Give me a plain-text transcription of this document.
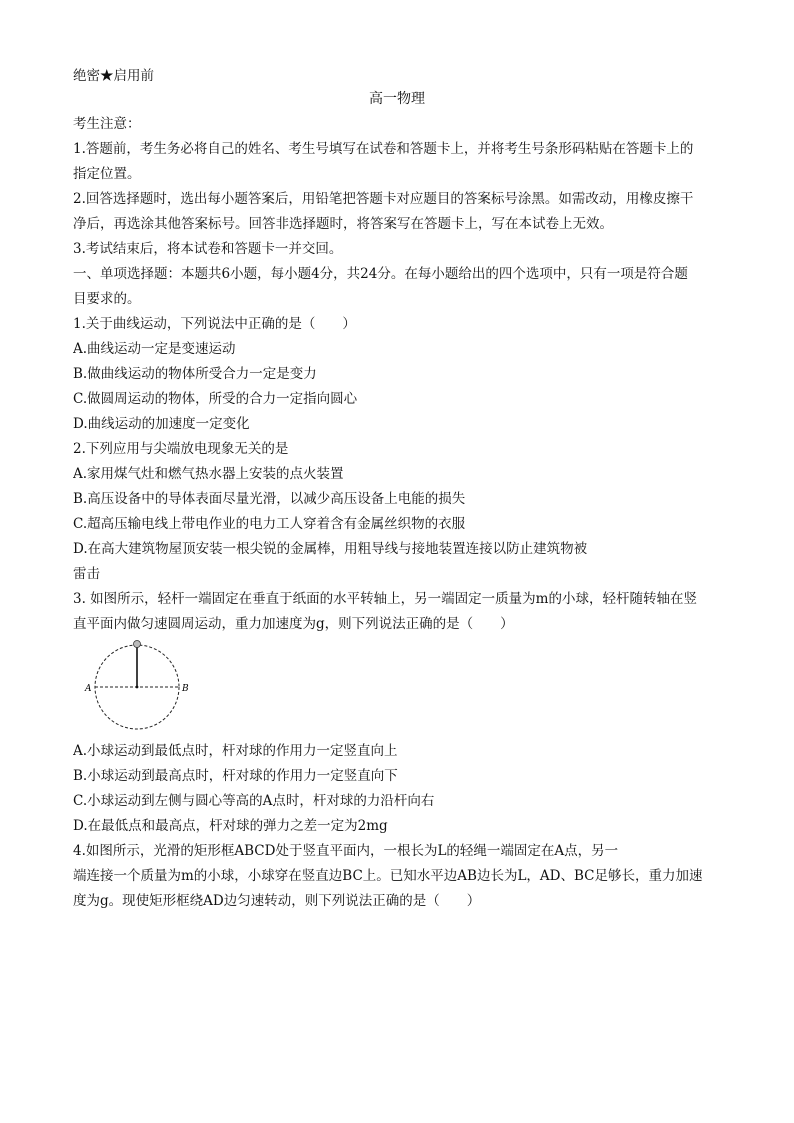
绝密★启用前
高一物理
考生注意：
1.答题前，考生务必将自己的姓名、考生号填写在试卷和答题卡上，并将考生号条形码粘贴在答题卡上的
指定位置。
2.回答选择题时，选出每小题答案后，用铅笔把答题卡对应题目的答案标号涂黑。如需改动，用橡皮擦干
净后，再选涂其他答案标号。回答非选择题时，将答案写在答题卡上，写在本试卷上无效。
3.考试结束后，将本试卷和答题卡一并交回。
一、单项选择题：本题共6小题，每小题4分，共24分。在每小题给出的四个选项中，只有一项是符合题
目要求的。
1.关于曲线运动，下列说法中正确的是（　　）
A.曲线运动一定是变速运动
B.做曲线运动的物体所受合力一定是变力
C.做圆周运动的物体，所受的合力一定指向圆心
D.曲线运动的加速度一定变化
2.下列应用与尖端放电现象无关的是
A.家用煤气灶和燃气热水器上安装的点火装置
B.高压设备中的导体表面尽量光滑，以减少高压设备上电能的损失
C.超高压输电线上带电作业的电力工人穿着含有金属丝织物的衣服
D.在高大建筑物屋顶安装一根尖锐的金属棒，用粗导线与接地装置连接以防止建筑物被
雷击
3. 如图所示，轻杆一端固定在垂直于纸面的水平转轴上，另一端固定一质量为m的小球，轻杆随转轴在竖
直平面内做匀速圆周运动，重力加速度为g，则下列说法正确的是（　　）
A	B
A.小球运动到最低点时，杆对球的作用力一定竖直向上
B.小球运动到最高点时，杆对球的作用力一定竖直向下
C.小球运动到左侧与圆心等高的A点时，杆对球的力沿杆向右
D.在最低点和最高点，杆对球的弹力之差一定为2mg
4.如图所示，光滑的矩形框ABCD处于竖直平面内，一根长为L的轻绳一端固定在A点，另一
端连接一个质量为m的小球，小球穿在竖直边BC上。已知水平边AB边长为L，AD、BC足够长，重力加速
度为g。现使矩形框绕AD边匀速转动，则下列说法正确的是（　　）
